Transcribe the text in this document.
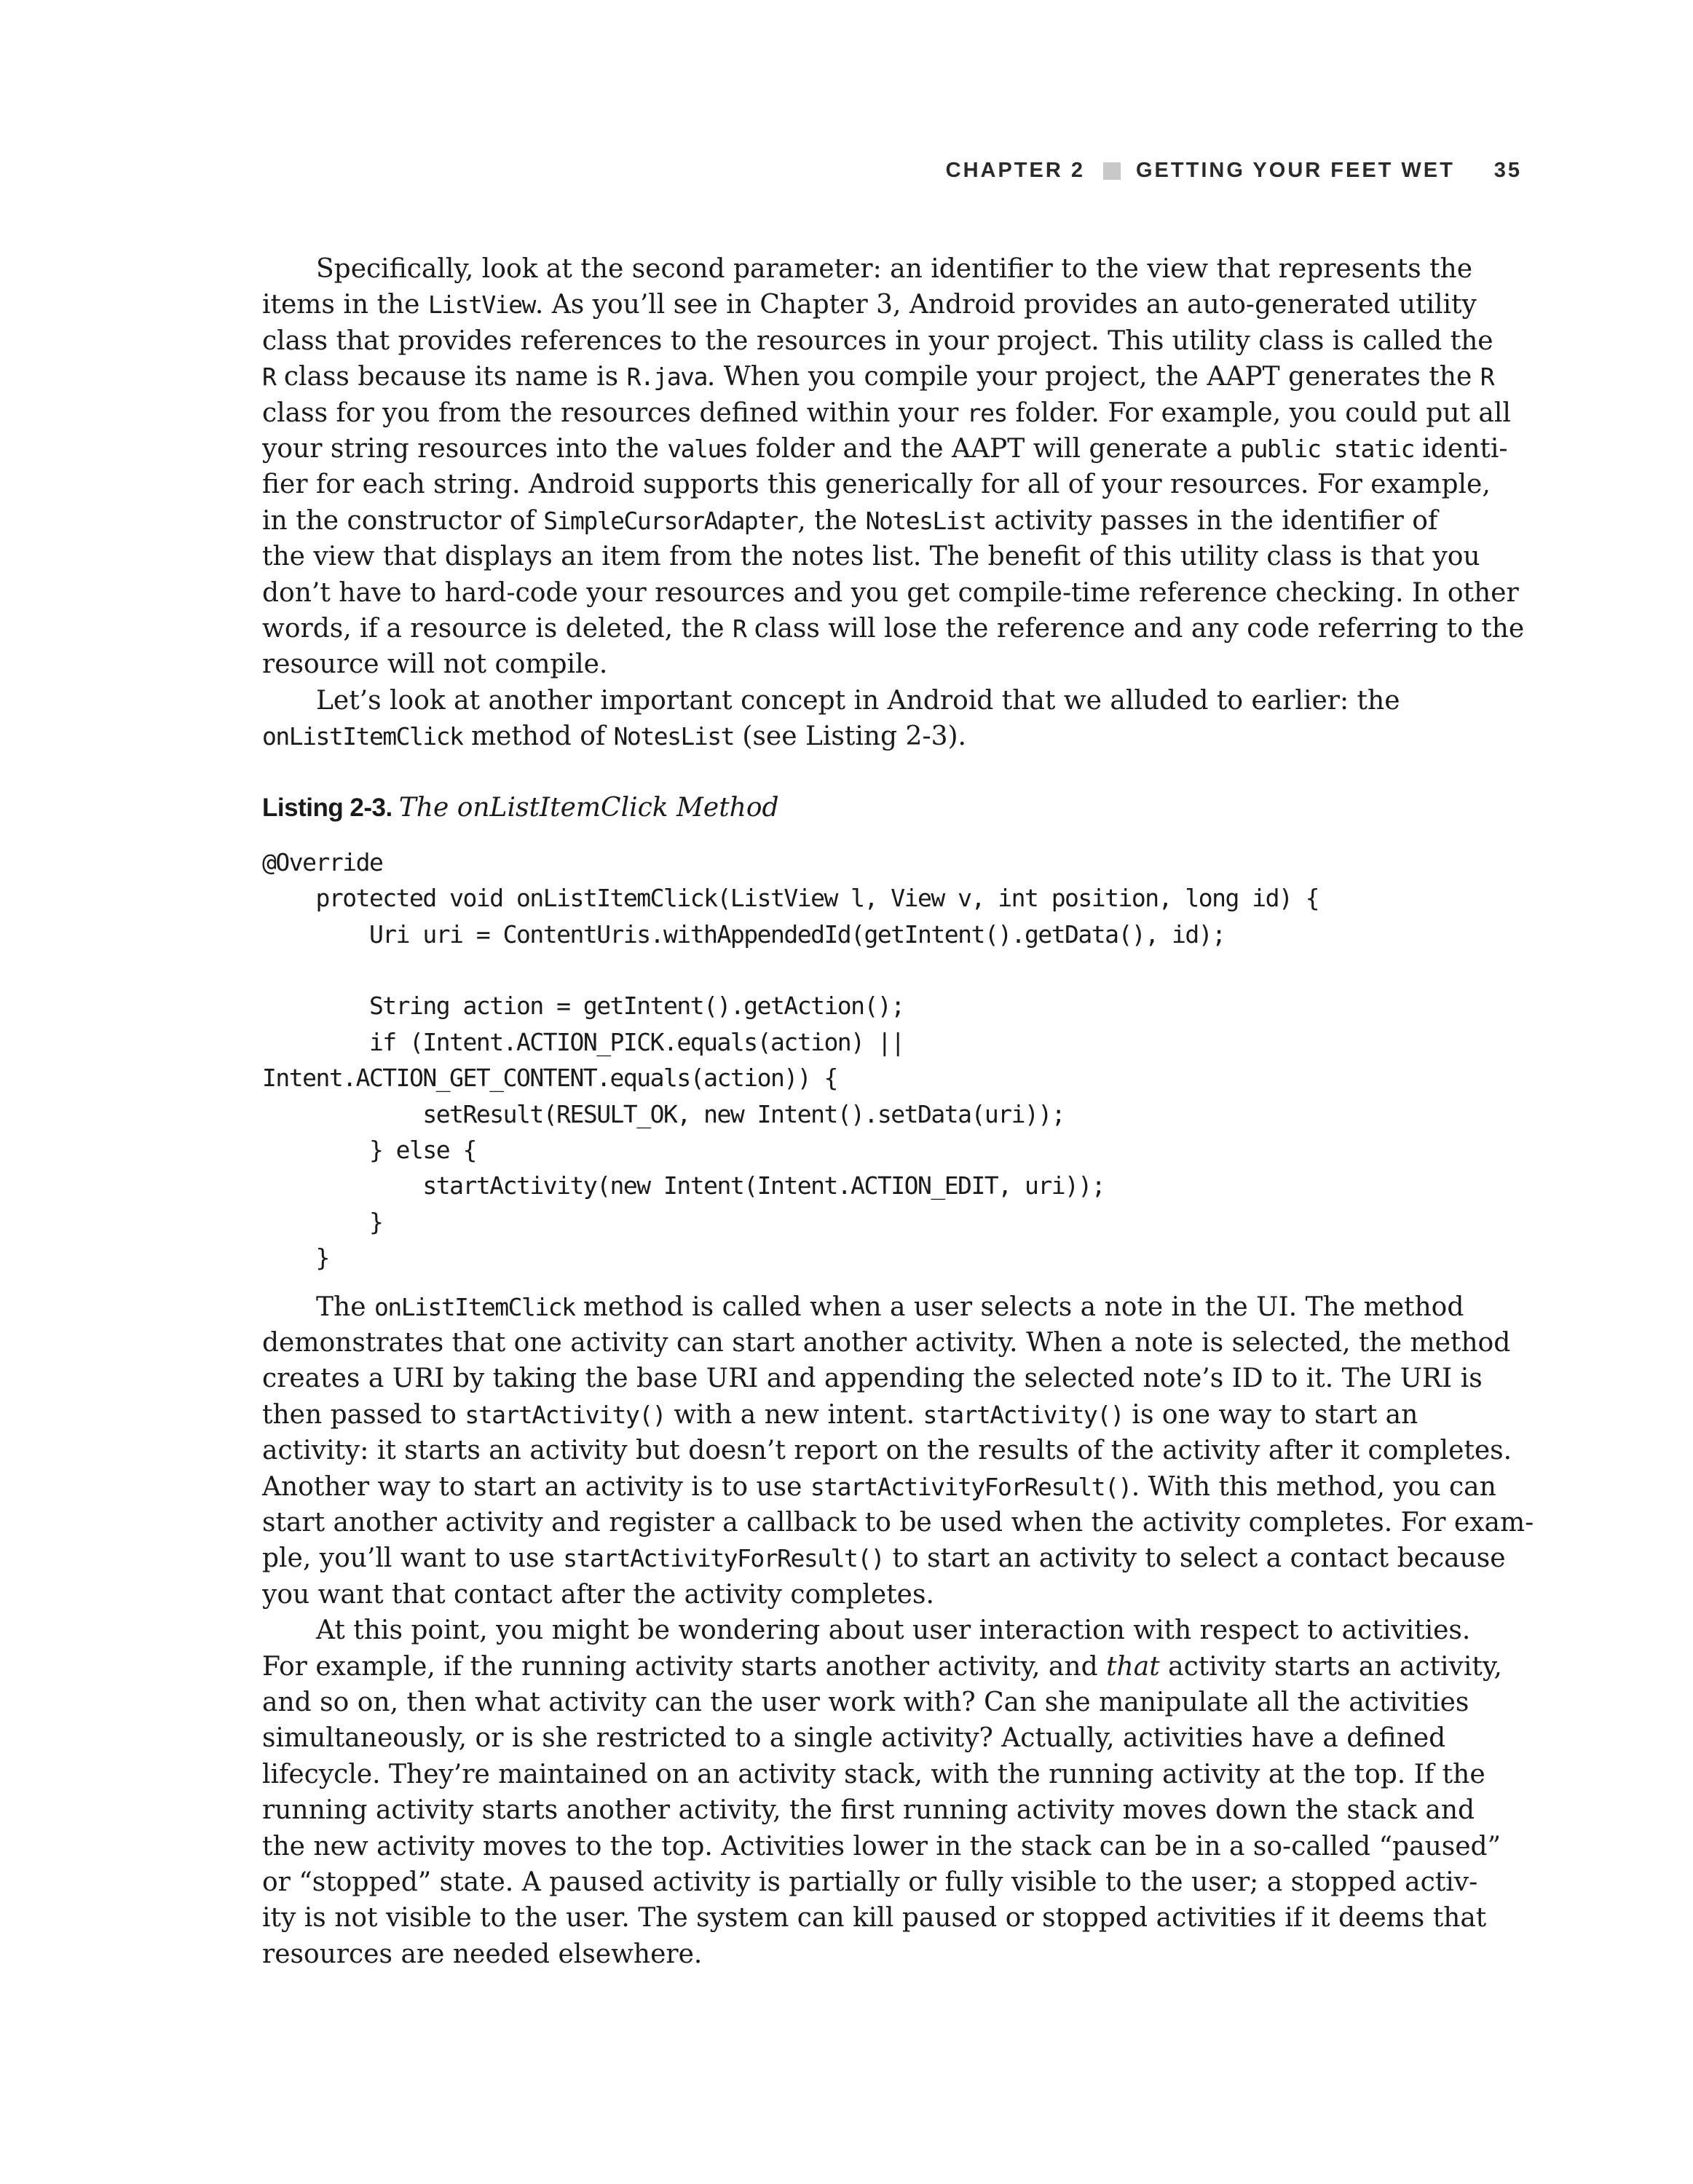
CHAPTER 2 GETTING YOUR FEET WET 35
Specifically, look at the second parameter: an identifier to the view that represents the
items in the ListView. As you’ll see in Chapter 3, Android provides an auto-generated utility
class that provides references to the resources in your project. This utility class is called the
R class because its name is R.java. When you compile your project, the AAPT generates the R
class for you from the resources defined within your res folder. For example, you could put all
your string resources into the values folder and the AAPT will generate a public static identi-
fier for each string. Android supports this generically for all of your resources. For example,
in the constructor of SimpleCursorAdapter, the NotesList activity passes in the identifier of
the view that displays an item from the notes list. The benefit of this utility class is that you
don’t have to hard-code your resources and you get compile-time reference checking. In other
words, if a resource is deleted, the R class will lose the reference and any code referring to the
resource will not compile.
Let’s look at another important concept in Android that we alluded to earlier: the
onListItemClick method of NotesList (see Listing 2-3).
Listing 2-3. The onListItemClick Method
@Override
protected void onListItemClick(ListView l, View v, int position, long id) {
Uri uri = ContentUris.withAppendedId(getIntent().getData(), id);

String action = getIntent().getAction();
if (Intent.ACTION_PICK.equals(action) ||
Intent.ACTION_GET_CONTENT.equals(action)) {
setResult(RESULT_OK, new Intent().setData(uri));
} else {
startActivity(new Intent(Intent.ACTION_EDIT, uri));
}
}
The onListItemClick method is called when a user selects a note in the UI. The method
demonstrates that one activity can start another activity. When a note is selected, the method
creates a URI by taking the base URI and appending the selected note’s ID to it. The URI is
then passed to startActivity() with a new intent. startActivity() is one way to start an
activity: it starts an activity but doesn’t report on the results of the activity after it completes.
Another way to start an activity is to use startActivityForResult(). With this method, you can
start another activity and register a callback to be used when the activity completes. For exam-
ple, you’ll want to use startActivityForResult() to start an activity to select a contact because
you want that contact after the activity completes.
At this point, you might be wondering about user interaction with respect to activities.
For example, if the running activity starts another activity, and that activity starts an activity,
and so on, then what activity can the user work with? Can she manipulate all the activities
simultaneously, or is she restricted to a single activity? Actually, activities have a defined
lifecycle. They’re maintained on an activity stack, with the running activity at the top. If the
running activity starts another activity, the first running activity moves down the stack and
the new activity moves to the top. Activities lower in the stack can be in a so-called “paused”
or “stopped” state. A paused activity is partially or fully visible to the user; a stopped activ-
ity is not visible to the user. The system can kill paused or stopped activities if it deems that
resources are needed elsewhere.
